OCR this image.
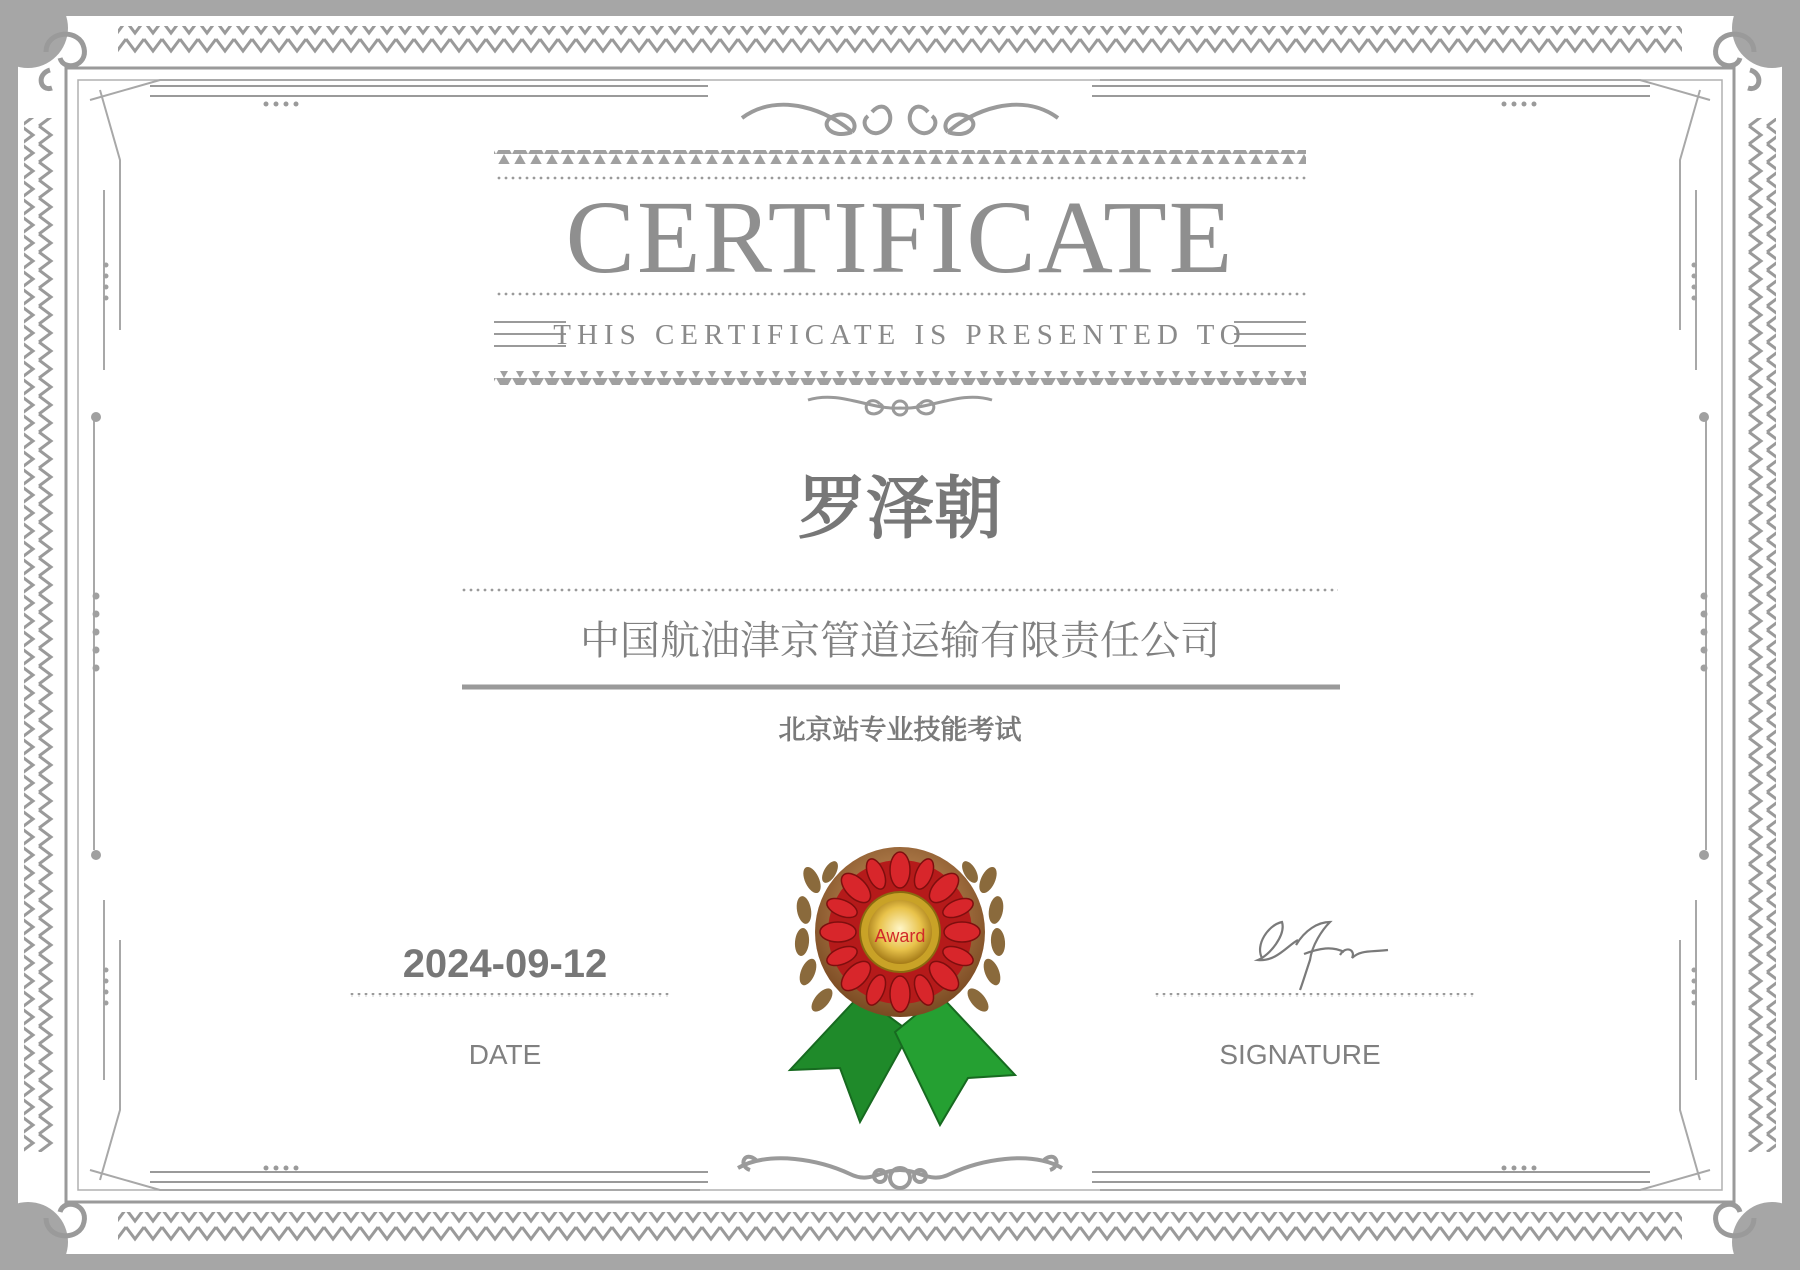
Award
CERTIFICATE
THIS CERTIFICATE IS PRESENTED TO
罗泽朝
中国航油津京管道运输有限责任公司
北京站专业技能考试
2024-09-12
DATE	SIGNATURE
